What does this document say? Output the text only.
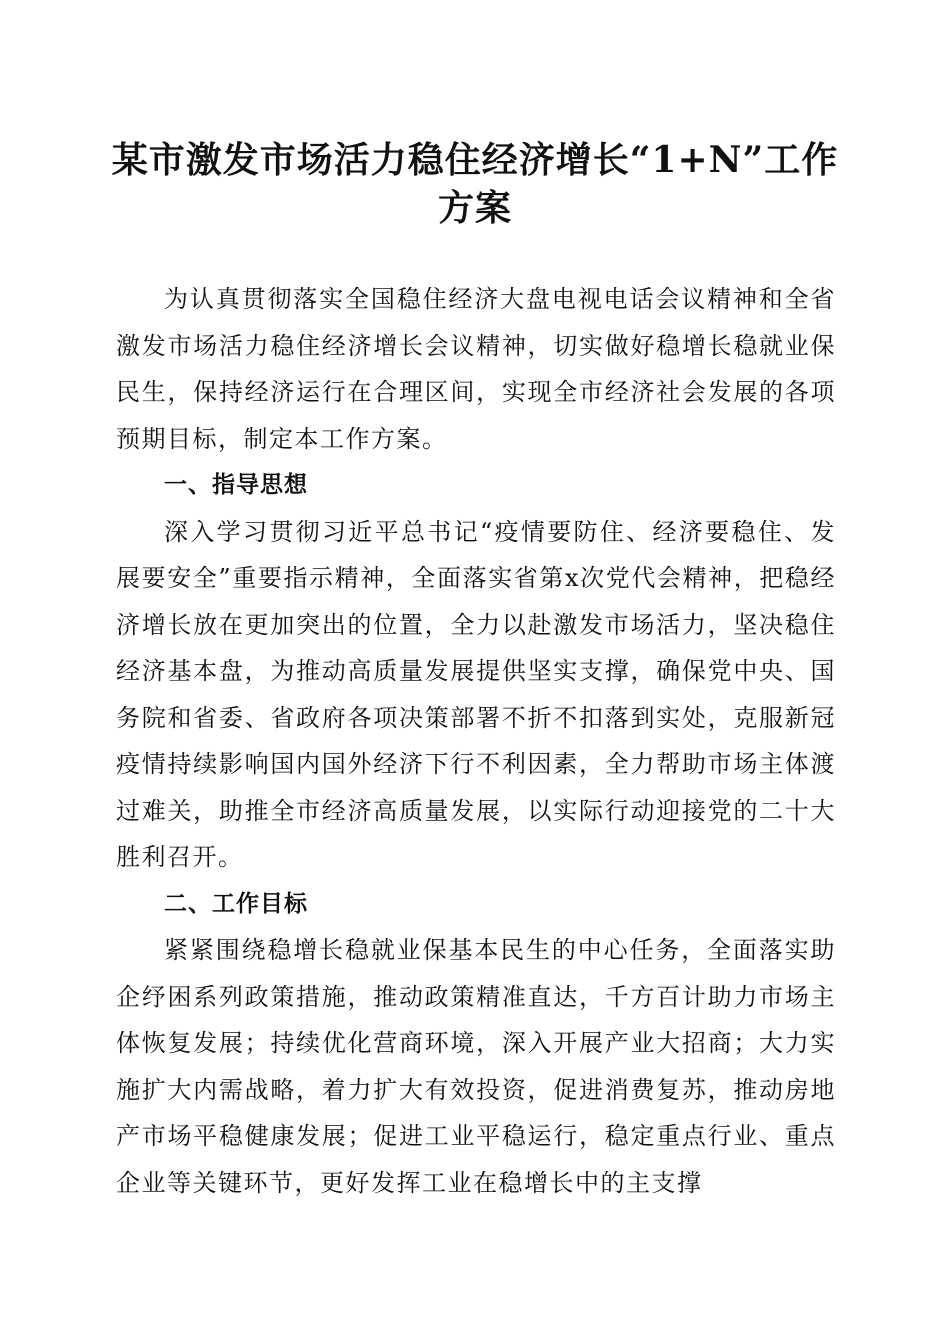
某市激发市场活力稳住经济增长“1+N”工作
方案

为认真贯彻落实全国稳住经济大盘电视电话会议精神和全省激发市场活力稳住经济增长会议精神，切实做好稳增长稳就业保民生，保持经济运行在合理区间，实现全市经济社会发展的各项预期目标，制定本工作方案。

一、指导思想

深入学习贯彻习近平总书记“疫情要防住、经济要稳住、发展要安全”重要指示精神，全面落实省第x次党代会精神，把稳经济增长放在更加突出的位置，全力以赴激发市场活力，坚决稳住经济基本盘，为推动高质量发展提供坚实支撑，确保党中央、国务院和省委、省政府各项决策部署不折不扣落到实处，克服新冠疫情持续影响国内国外经济下行不利因素，全力帮助市场主体渡过难关，助推全市经济高质量发展，以实际行动迎接党的二十大胜利召开。

二、工作目标

紧紧围绕稳增长稳就业保基本民生的中心任务，全面落实助企纾困系列政策措施，推动政策精准直达，千方百计助力市场主体恢复发展；持续优化营商环境，深入开展产业大招商；大力实施扩大内需战略，着力扩大有效投资，促进消费复苏，推动房地产市场平稳健康发展；促进工业平稳运行，稳定重点行业、重点企业等关键环节，更好发挥工业在稳增长中的主支撑
